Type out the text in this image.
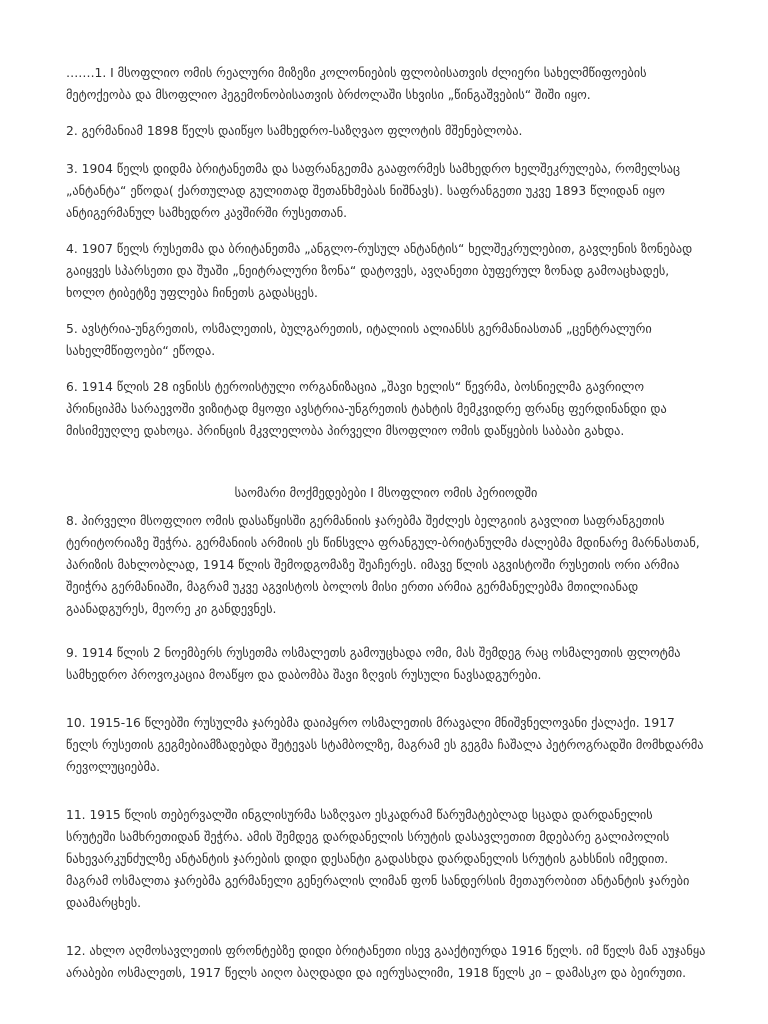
…….1. I მსოფლიო ომის რეალური მიზეზი კოლონიების ფლობისათვის ძლიერი სახელმწიფოების მეტოქეობა და მსოფლიო ჰეგემონობისათვის ბრძოლაში სხვისი „წინგაშვების“ შიში იყო.

2. გერმანიამ 1898 წელს დაიწყო სამხედრო-საზღვაო ფლოტის მშენებლობა.

3. 1904 წელს დიდმა ბრიტანეთმა და საფრანგეთმა გააფორმეს სამხედრო ხელშეკრულება, რომელსაც „ანტანტა“ ეწოდა( ქართულად გულითად შეთანხმებას ნიშნავს). საფრანგეთი უკვე 1893 წლიდან იყო ანტიგერმანულ სამხედრო კავშირში რუსეთთან.

4. 1907 წელს რუსეთმა და ბრიტანეთმა „ანგლო-რუსულ ანტანტის“ ხელშეკრულებით, გავლენის ზონებად გაიყვეს სპარსეთი და შუაში „ნეიტრალური ზონა“ დატოვეს, ავღანეთი ბუფერულ ზონად გამოაცხადეს, ხოლო ტიბეტზე უფლება ჩინეთს გადასცეს.

5. ავსტრია-უნგრეთის, ოსმალეთის, ბულგარეთის, იტალიის ალიანსს გერმანიასთან „ცენტრალური სახელმწიფოები“ ეწოდა.

6. 1914 წლის 28 ივნისს ტეროისტული ორგანიზაცია „შავი ხელის“ წევრმა, ბოსნიელმა გავრილო პრინციპმა სარაევოში ვიზიტად მყოფი ავსტრია-უნგრეთის ტახტის მემკვიდრე ფრანც ფერდინანდი და მისიმეუღლე დახოცა. პრინცის მკვლელობა პირველი მსოფლიო ომის დაწყების საბაბი გახდა.

საომარი მოქმედებები I მსოფლიო ომის პერიოდში

8. პირველი მსოფლიო ომის დასაწყისში გერმანიის ჯარებმა შეძლეს ბელგიის გავლით საფრანგეთის ტერიტორიაზე შეჭრა. გერმანიის არმიის ეს წინსვლა ფრანგულ-ბრიტანულმა ძალებმა მდინარე მარნასთან, პარიზის მახლობლად, 1914 წლის შემოდგომაზე შეაჩერეს. იმავე წლის აგვისტოში რუსეთის ორი არმია შეიჭრა გერმანიაში, მაგრამ უკვე აგვისტოს ბოლოს მისი ერთი არმია გერმანელებმა მთილიანად გაანადგურეს, მეორე კი განდევნეს.

9. 1914 წლის 2 ნოემბერს რუსეთმა ოსმალეთს გამოუცხადა ომი, მას შემდეგ რაც ოსმალეთის ფლოტმა სამხედრო პროვოკაცია მოაწყო და დაბომბა შავი ზღვის რუსული ნავსადგურები.

10. 1915-16 წლებში რუსულმა ჯარებმა დაიპყრო ოსმალეთის მრავალი მნიშვნელოვანი ქალაქი. 1917 წელს რუსეთის გეგმებიამზადებდა შეტევას სტამბოლზე, მაგრამ ეს გეგმა ჩაშალა პეტროგრადში მომხდარმა რევოლუციებმა.

11. 1915 წლის თებერვალში ინგლისურმა საზღვაო ესკადრამ წარუმატებლად სცადა დარდანელის სრუტეში სამხრეთიდან შეჭრა. ამის შემდეგ დარდანელის სრუტის დასავლეთით მდებარე გალიპოლის ნახევარკუნძულზე ანტანტის ჯარების დიდი დესანტი გადასხდა დარდანელის სრუტის გახსნის იმედით. მაგრამ ოსმალთა ჯარებმა გერმანელი გენერალის ლიმან ფონ სანდერსის მეთაურობით ანტანტის ჯარები დაამარცხეს.

12. ახლო აღმოსავლეთის ფრონტებზე დიდი ბრიტანეთი ისევ გააქტიურდა 1916 წელს. იმ წელს მან აუჯანყა არაბები ოსმალეთს, 1917 წელს აიღო ბაღდადი და იერუსალიმი, 1918 წელს კი – დამასკო და ბეირუთი.
